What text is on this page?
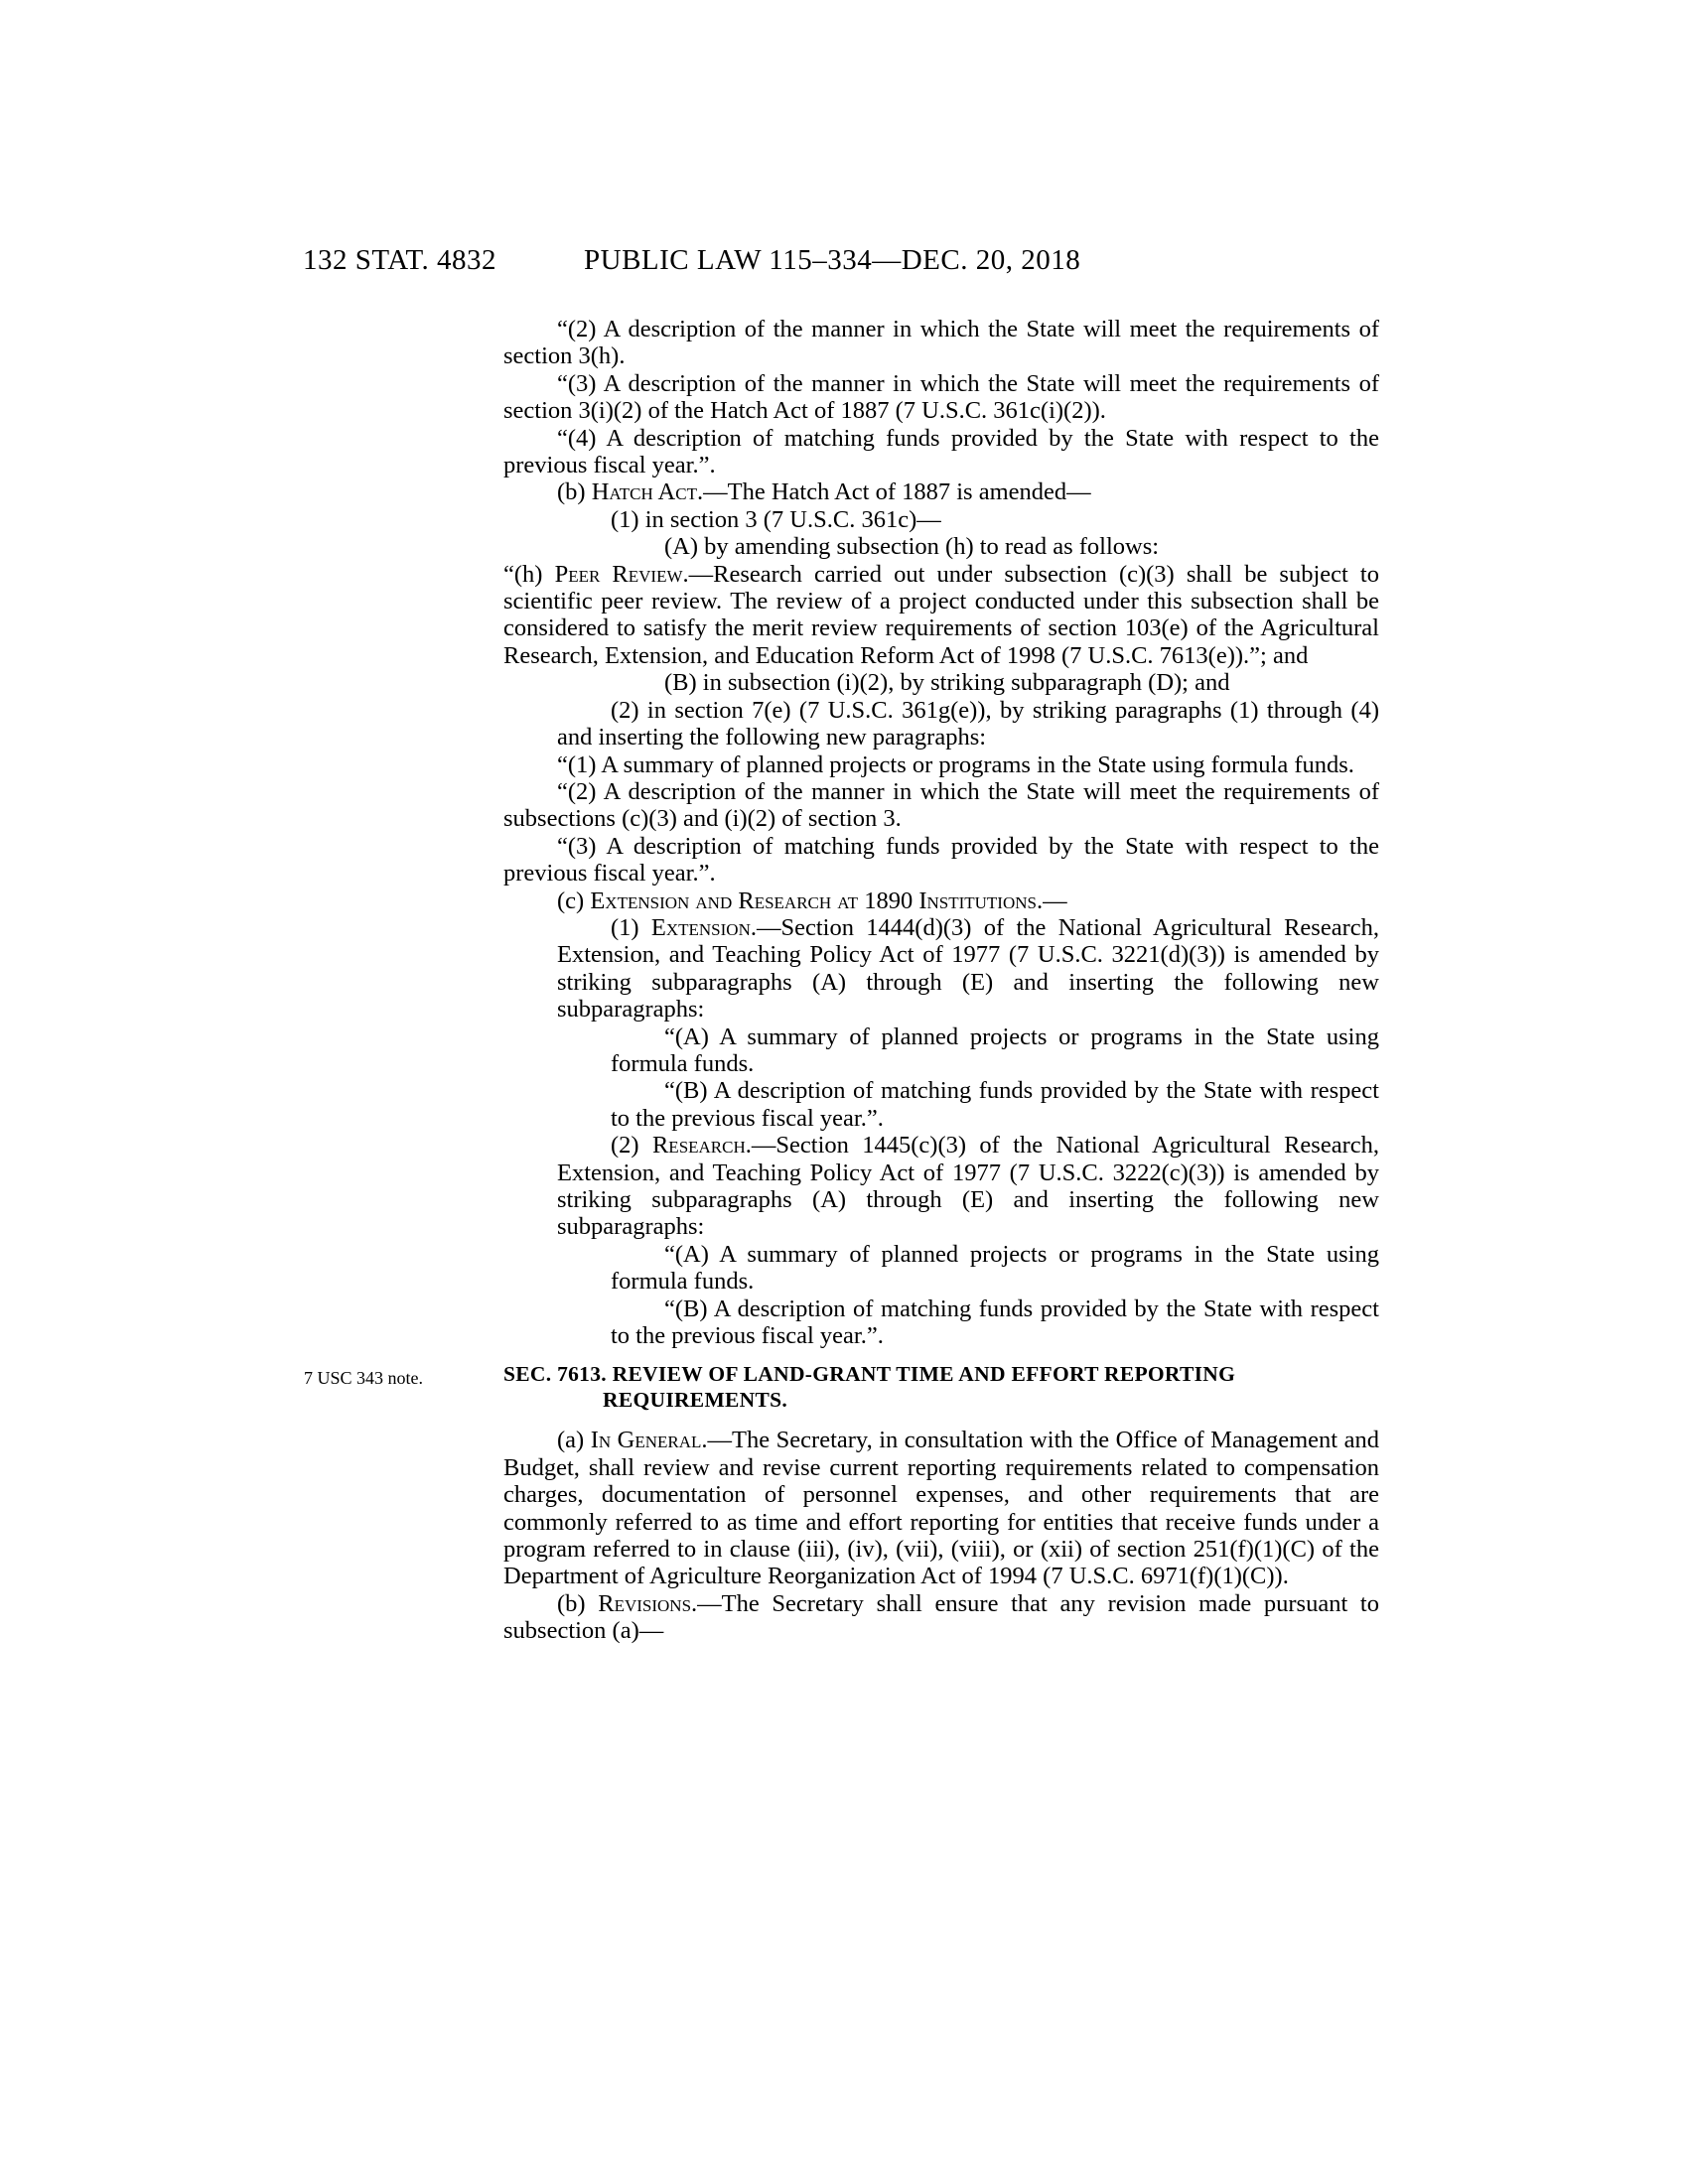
132 STAT. 4832	PUBLIC LAW 115–334—DEC. 20, 2018

“(2) A description of the manner in which the State will meet the requirements of section 3(h).

“(3) A description of the manner in which the State will meet the requirements of section 3(i)(2) of the Hatch Act of 1887 (7 U.S.C. 361c(i)(2)).

“(4) A description of matching funds provided by the State with respect to the previous fiscal year.”.

(b) Hatch Act.—The Hatch Act of 1887 is amended—

(1) in section 3 (7 U.S.C. 361c)—

(A) by amending subsection (h) to read as follows:

“(h) Peer Review.—Research carried out under subsection (c)(3) shall be subject to scientific peer review. The review of a project conducted under this subsection shall be considered to satisfy the merit review requirements of section 103(e) of the Agricultural Research, Extension, and Education Reform Act of 1998 (7 U.S.C. 7613(e)).”; and

(B) in subsection (i)(2), by striking subparagraph (D); and

(2) in section 7(e) (7 U.S.C. 361g(e)), by striking paragraphs (1) through (4) and inserting the following new paragraphs:

“(1) A summary of planned projects or programs in the State using formula funds.

“(2) A description of the manner in which the State will meet the requirements of subsections (c)(3) and (i)(2) of section 3.

“(3) A description of matching funds provided by the State with respect to the previous fiscal year.”.

(c) Extension and Research at 1890 Institutions.—

(1) Extension.—Section 1444(d)(3) of the National Agricultural Research, Extension, and Teaching Policy Act of 1977 (7 U.S.C. 3221(d)(3)) is amended by striking subparagraphs (A) through (E) and inserting the following new subparagraphs:

“(A) A summary of planned projects or programs in the State using formula funds.

“(B) A description of matching funds provided by the State with respect to the previous fiscal year.”.

(2) Research.—Section 1445(c)(3) of the National Agricultural Research, Extension, and Teaching Policy Act of 1977 (7 U.S.C. 3222(c)(3)) is amended by striking subparagraphs (A) through (E) and inserting the following new subparagraphs:

“(A) A summary of planned projects or programs in the State using formula funds.

“(B) A description of matching funds provided by the State with respect to the previous fiscal year.”.

7 USC 343 note.	SEC. 7613. REVIEW OF LAND-GRANT TIME AND EFFORT REPORTING REQUIREMENTS.

(a) In General.—The Secretary, in consultation with the Office of Management and Budget, shall review and revise current reporting requirements related to compensation charges, documentation of personnel expenses, and other requirements that are commonly referred to as time and effort reporting for entities that receive funds under a program referred to in clause (iii), (iv), (vii), (viii), or (xii) of section 251(f)(1)(C) of the Department of Agriculture Reorganization Act of 1994 (7 U.S.C. 6971(f)(1)(C)).

(b) Revisions.—The Secretary shall ensure that any revision made pursuant to subsection (a)—
